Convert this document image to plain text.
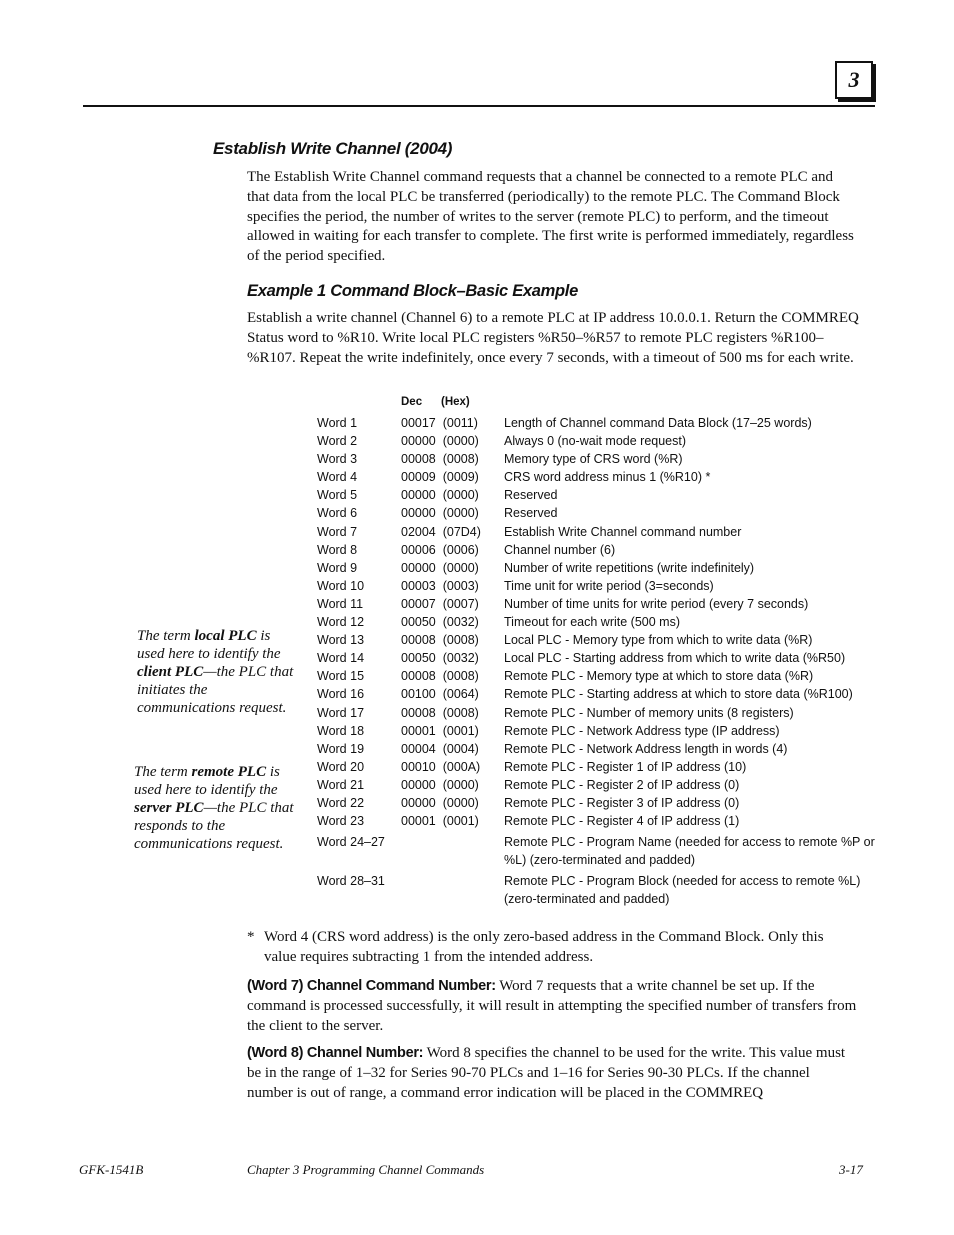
3
Establish Write Channel (2004)

The Establish Write Channel command requests that a channel be connected to a remote PLC and that data from the local PLC be transferred (periodically) to the remote PLC. The Command Block specifies the period, the number of writes to the server (remote PLC) to perform, and the timeout allowed in waiting for each transfer to complete. The first write is performed immediately, regardless of the period specified.

Example 1 Command Block–Basic Example

Establish a write channel (Channel 6) to a remote PLC at IP address 10.0.0.1. Return the COMMREQ Status word to %R10. Write local PLC registers %R50–%R57 to remote PLC registers %R100–%R107. Repeat the write indefinitely, once every 7 seconds, with a timeout of 500 ms for each write.

Dec (Hex)
Word 1	00017  (0011)	Length of Channel command Data Block (17–25 words)
Word 2	00000  (0000)	Always 0 (no-wait mode request)
Word 3	00008  (0008)	Memory type of CRS word (%R)
Word 4	00009  (0009)	CRS word address minus 1 (%R10) *
Word 5	00000  (0000)	Reserved
Word 6	00000  (0000)	Reserved
Word 7	02004  (07D4)	Establish Write Channel command number
Word 8	00006  (0006)	Channel number (6)
Word 9	00000  (0000)	Number of write repetitions (write indefinitely)
Word 10	00003  (0003)	Time unit for write period (3=seconds)
Word 11	00007  (0007)	Number of time units for write period (every 7 seconds)
Word 12	00050  (0032)	Timeout for each write (500 ms)
Word 13	00008  (0008)	Local PLC - Memory type from which to write data (%R)
Word 14	00050  (0032)	Local PLC - Starting address from which to write data (%R50)
Word 15	00008  (0008)	Remote PLC - Memory type at which to store data (%R)
Word 16	00100  (0064)	Remote PLC - Starting address at which to store data (%R100)
Word 17	00008  (0008)	Remote PLC - Number of memory units (8 registers)
Word 18	00001  (0001)	Remote PLC - Network Address type (IP address)
Word 19	00004  (0004)	Remote PLC - Network Address length in words (4)
Word 20	00010  (000A)	Remote PLC - Register 1 of IP address (10)
Word 21	00000  (0000)	Remote PLC - Register 2 of IP address (0)
Word 22	00000  (0000)	Remote PLC - Register 3 of IP address (0)
Word 23	00001  (0001)	Remote PLC - Register 4 of IP address (1)
Word 24–27	Remote PLC - Program Name (needed for access to remote %P or %L) (zero-terminated and padded)
Word 28–31	Remote PLC - Program Block (needed for access to remote %L) (zero-terminated and padded)

The term local PLC is used here to identify the client PLC—the PLC that initiates the communications request.

The term remote PLC is used here to identify the server PLC—the PLC that responds to the communications request.

* Word 4 (CRS word address) is the only zero-based address in the Command Block. Only this value requires subtracting 1 from the intended address.

(Word 7) Channel Command Number: Word 7 requests that a write channel be set up. If the command is processed successfully, it will result in attempting the specified number of transfers from the client to the server.

(Word 8) Channel Number: Word 8 specifies the channel to be used for the write. This value must be in the range of 1–32 for Series 90-70 PLCs and 1–16 for Series 90-30 PLCs. If the channel number is out of range, a command error indication will be placed in the COMMREQ

GFK-1541B	Chapter 3 Programming Channel Commands	3-17
